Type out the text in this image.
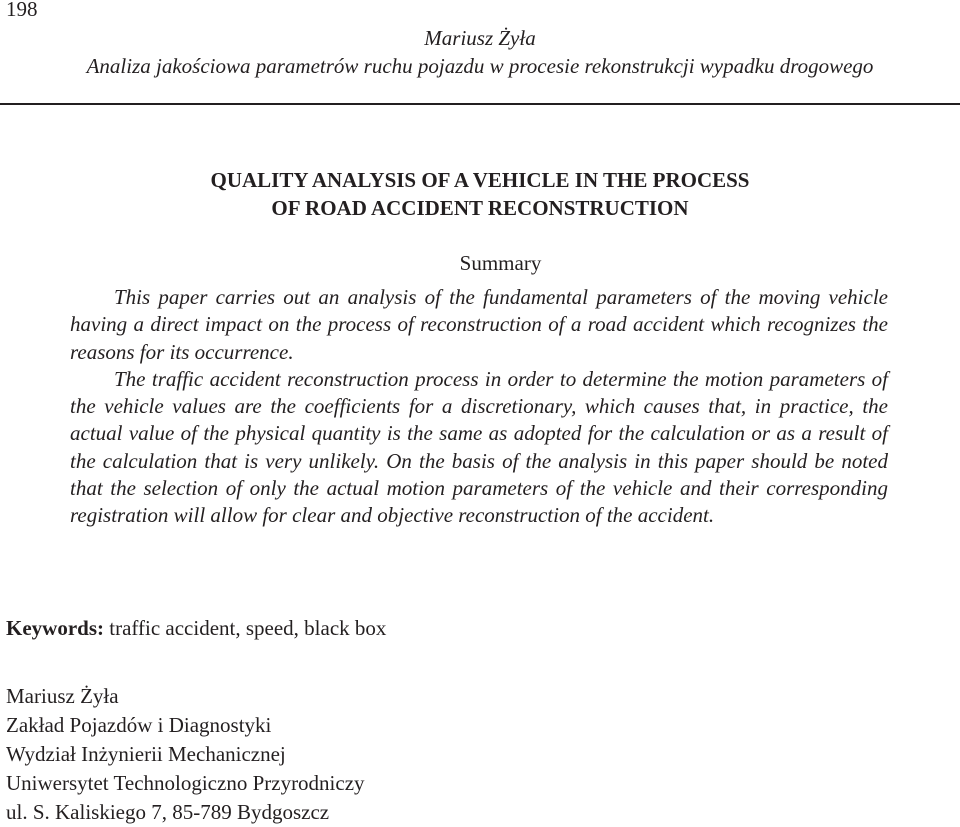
198
Mariusz Żyła
Analiza jakościowa parametrów ruchu pojazdu w procesie rekonstrukcji wypadku drogowego
QUALITY ANALYSIS OF A VEHICLE IN THE PROCESS
OF ROAD ACCIDENT RECONSTRUCTION
Summary

This paper carries out an analysis of the fundamental parameters of the moving vehicle having a direct impact on the process of reconstruction of a road accident which recognizes the reasons for its occurrence.

The traffic accident reconstruction process in order to determine the motion parameters of the vehicle values are the coefficients for a discretionary, which causes that, in practice, the actual value of the physical quantity is the same as adopted for the calculation or as a result of the calculation that is very unlikely. On the basis of the analysis in this paper should be noted that the selection of only the actual motion parameters of the vehicle and their corresponding registration will allow for clear and objective reconstruction of the accident.

Keywords: traffic accident, speed, black box
Mariusz Żyła
Zakład Pojazdów i Diagnostyki
Wydział Inżynierii Mechanicznej
Uniwersytet Technologiczno Przyrodniczy
ul. S. Kaliskiego 7, 85-789 Bydgoszcz
